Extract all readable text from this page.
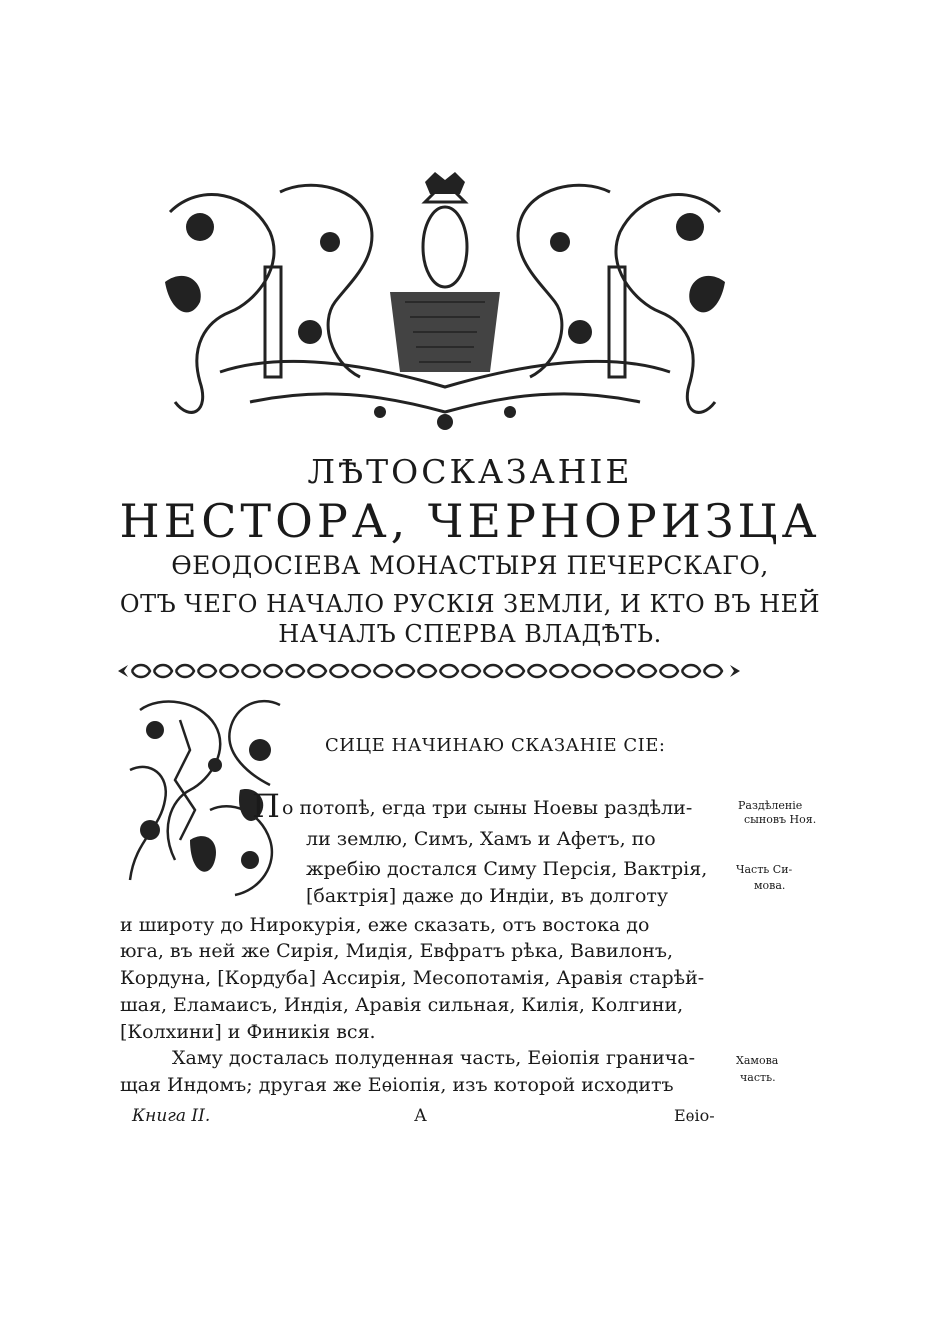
ЛѢТОСКАЗАНІЕ
НЕСТОРА, ЧЕРНОРИЗЦА
ѲЕОДОСІЕВА МОНАСТЫРЯ ПЕЧЕРСКАГО,
ОТЪ ЧЕГО НАЧАЛО РУСКІЯ ЗЕМЛИ, И КТО ВЪ НЕЙ
НАЧАЛЪ СПЕРВА ВЛАДѢТЬ.
СИЦЕ НАЧИНАЮ СКАЗАНІЕ СІЕ:
П о потопѣ, егда три сыны Ноевы раздѣли-
ли землю, Симъ, Хамъ и Афетъ, по
жребію достался Симу Персія, Вактрія,
[бактрія] даже до Индіи, въ долготу
и широту до Нирокурія, еже сказать, отъ востока до
юга, въ ней же Сирія, Мидія, Евфратъ рѣка, Вавилонъ,
Кордуна, [Кордуба] Ассирія, Месопотамія, Аравія старѣй-
шая, Еламаисъ, Индія, Аравія сильная, Килія, Колгини,
[Колхини] и Финикія вся.
Хаму досталась полуденная часть, Еѳіопія гранича-
щая Индомъ; другая же Еѳіопія, изъ которой исходитъ
Раздѣленіе
сыновъ Ноя.
Часть Си-
мова.
Хамова
часть.
Книга II.	А	Еѳіо-
